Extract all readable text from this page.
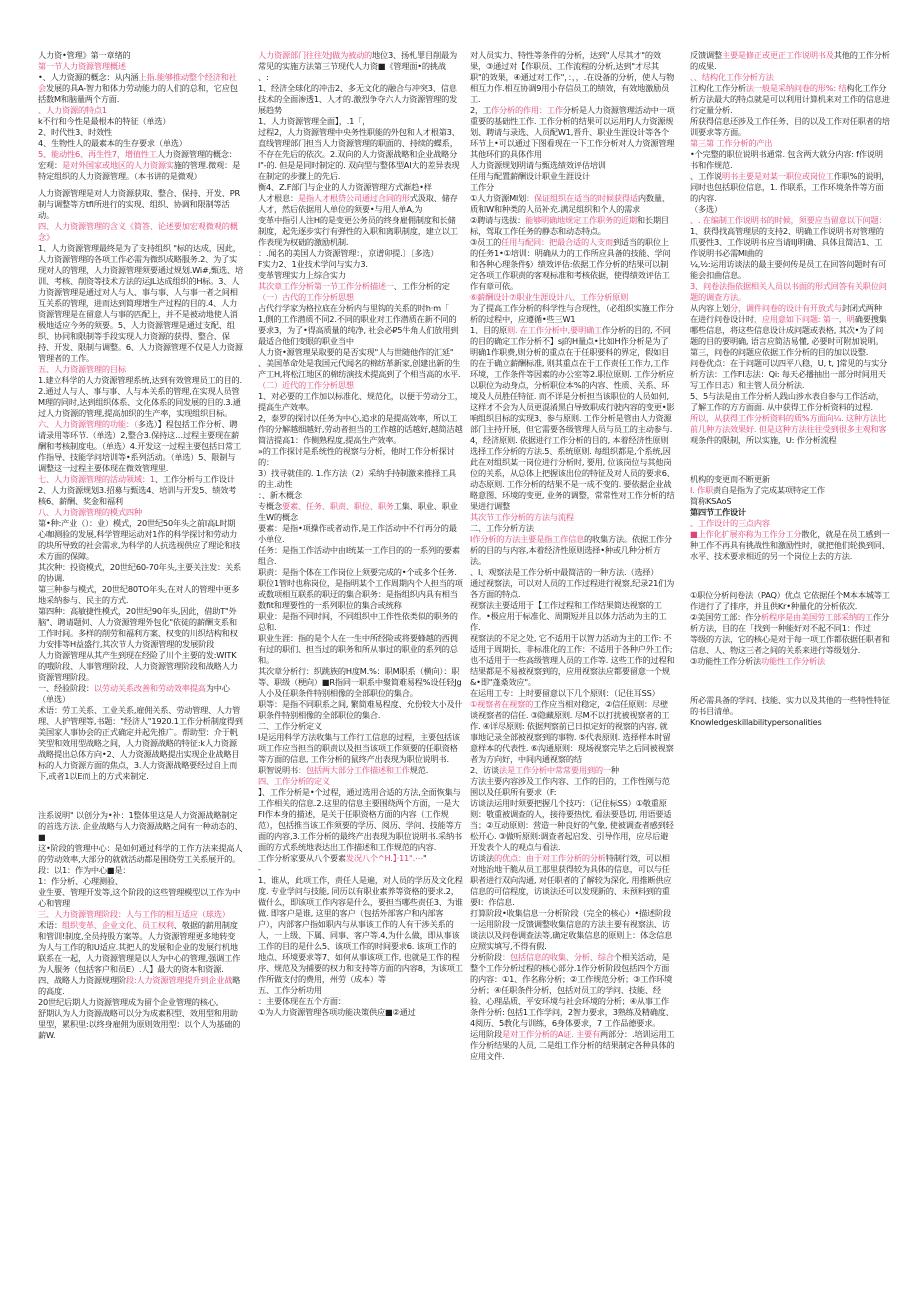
人力资•管理》第一章绪的

第一节人力资源管理概述

•、人力资源的概念：从内涵上指.能够推动整个经济和社会发展的具A-智力和体力劳动能力的人们的总和，它应包括数M和脑量两个方面.

、人力资源的特点1

k不行和今性是最根本的特征（单选）

2、时代性3、时效性

4、生物性人的最素本的生存要求（单选）

5、能动性6、再生性7，增值性工人力资源管理的概念：

宏观：是对外国家或地区的人力资源实施的管理.微观：是特定组织的人力资源管理。（本书讲的是微观）

人力资源管理是对人力资源获取、整合、保持、开发、PR制与调整等方tfl所进行的实现、组织、协调和限制等活动。

四、人力资源管理的含义《简答、论述要加宏观微观的概念》

1、人力资源管理最终是为了支持组织 "标的达成，因此，人力资源管理的各项工作必需为微织成略服务.2、为了实现对人的管理，人力资源管理须要通过规划.Wi#,甄选、培训、考核、削资等技术方法的运JL达成组织的H标。3、人力资源管理是通过对人与人、事与事、人与事一者之间相互关系的管理，进而达到简理增生产过程的目的.4、人力资源管理是在留意人与事的匹配上，并不是被动地使人消极地适应今务的须要。5、人力资源管理是通过支配、组织、协同和限制等手段实现人力资源的获得、整合、保持、开发、限制与调整。6、人力资源管理不仅是人力资源管理者的工作。

五、人力资源管理的目标

1.建立科学的人力资源管理系统,达到有效管理员工的目的.2.通过人与人、事与事、人与本关系的管理,在实现人员管M理的同时,达到组织体系、文化体系的同发展的目的.3.通过人力资源的管理,提高加织的生产率，实现组织目标。

六、人力资源管理的功能：（多选）】程包括工作分析、聘请录用等环节.（单选）2,整合3.保持这…过程主要现在薪酬和考核制度电。（单选）4.开发这一过程主要包括日常工作指导、技能学问培训等•系列活动。（单选）5、限制与调整这一过程主要体现在微效管理里.

七、人力资源管理的活动领域：1、工作分析与工作设计2、人力资源规划3.招募与甄选4、培训与开发5、绩效考核6、薪酬、奖金和福利

八、人力资源管理的模式四种

第•种:产业（）：业）模式，20世纪50年头之前l高L时期心咖测验的发展,科学管理运动对1作的科学探讨和劳动力的块所导致的社会需求,为科学的人抗选视供应了理论和技术方面的保障。

其次种：投资模式，20世纪60-70年头,主要关注发：关系的协调.

第三种参与模式，20世纪80TO年头,在对人的管理中更多地采纳参与、民主的方式.

第四种：高敏捷性模式，20世纪90年头,因此，借助T"外脑"、聘请题何、人力资源管理外包化"依徒的薪酬支系和工作时间。多样的削劳和福利方案、权变的川织结构和权力安排等H益盛行,其次节人力资源管理的发展阶段

人力资源管理从其产生到现在经险了川个主要的发:WITK的哦阶段、人事管理阶段、人力资源管理阶段和战略人力资源管理阶段。

一、经验阶段：以劳动关系改善和劳动效率提高为中心（单选）

术语：劳工关系、工业关系,雇佣关系、劳动管理、人力管理、人护管理等,书题："经济人"1920.1工作分析制度得到美国家人事协会的正式确定并起先推广。帮助型：介于帆笑型和效用型战略之间，人力资源战略的特征:k人力资源战略提出总体方向•2、人力资源战略提出实现企业战略目标的人力资源方面的焦点，3.人力资源战略要经过自上而下,或者1以E而上的方式来制定.

注系说明" 以创分为•补：1整体里这是人力资源战略制定的首选方法. 企业战略与人力资源战略之间有一种动态的、■

这•阶段的管理中心：是如何通过科学的工作方法来提高人的劳动效率,大部分的就就活动都是围绕劳工关系展开的。

段：以1：作为中心■是：

1：作分析、心理测验、

业生要、管理开发等,这个阶段的这些管理模型以工作为中心和管理

三、人力资源管理阶段：人与工作的相互适应（球选）

术语：组织变革、企业文化、员工权利、敬据的薪用制度和管训!制度,全员持股方案等。人力资源管理更多地转变为人与工作的和U适应.其把人的发展和企业的发展行机地联系在一起，人力资源管理是以人为中心的管理,强调工作为人服务（包括客户和员E）.人】最大的资本和资源.

四、战略人力资源规理阶段:人力资源管理提升到企业战略的高度.

20世纪后期人力资源管理成为留个企业管理的核心,

舒期认为人力资源战略可以分为成素积型、效用型和用助里型，累积里:以终身雇佣为原则效用型：以个人为基础的薪W.

人力资源部门往往处J做为被动的地位3、扬札罪目削最为常见的实施方法第三节现代人力资■《管理面•的挑战

、:

1、经济全球化的冲击2、多无文化的融合与冲突3、信息技术的全面渗透1、人才的.激烈争夺六人力资源管理的发展趋势

1、人力资源管理全面】，.1「，

过程2，人力资源管理中央务性职能的外包和人才根第3、直线管理部门担当人力资源管理的职面的、持续的蝶系，不存在先后的依次。2.双向的人力资源战略和企业战略分l"-的. 但是是同时制定的. 双向型与整体型AI大的差异表现在制定的步骤上的先后.

衡4、Z.F部门与企业的人力资源管理方式渐趋•样

人才根息：是指人才根贷公司通过合同的形式汲取、储存人才，然后依据用人单位的须要•与用人单A,为

变革中指引人注H的是变更公务员的终身雇佣制度和长储制度，起先逐步实行有弹性的入职和离职制度，建立以工作表现为权础的激励机制.

：.闻名的美国人力资源管理：，京谱卯提.〕〔多选）

F实力2、1业技术学问与实力3.

变革管理实力上综合实力

其次章工作分析第一节工作分析描述一、工作分析的定

（一）古代的工作分析思想

占代行学家为格拉底在分析内与里钩的关系的时h·m「

1,側的工作潜质不同2.不同的职业对工作潜质在新不同的要求3，为了•得高质量的纯净, 社会必₽5牛角人们放用到最适合他们变眼的职业当中

人力资•源管理呆取要的是否实现"人与世随他作的汇延"

、美国革命处是我国元代闻名的棉纺革新家,创建出新的生产工H,将松江地区的棉纺演技术提高到了个相当高的水平.

（二）近代的工作分析思想

1、对必要的工作加以标准化、规范化，以便于劳动分工，提高生产效率。

2，泰罗的探讨以任务为中心,追求的是提高效率，所以工作的分解越细越好,劳动者担当的工作越的话越好,越简洁越简洁提高1：作侧熟程度,提高生产效率。

»的工作探讨是系统性的视察与分析，他时工作分析探讨的：

3）找寻就佳的. 1.作方法（2）采纳手持制激来推择工具的主.动性

：、新木概念

专概念要素、任务、职责、职位、职务工集、职业、职业生W的概念

要素：是指•项操作或者动作,是工作活动中不行再分的最小单位.

任务：是指工作活动中由I统某一工作目的的一系列的要素组合.

职责：是指个体在工作岗位上须要完成的•个或多个任务.

职位1管时也称岗位，是指明某个工作周期内个人担当的项或数项相互联系的职迂的集合职务：是指组织内具有相当数fit和理要性的一系列职位的集合或统称

职业：是指不同时间，不同组织中工作性依类似的职务的总和.

职业生涯：指的是个人在一生中所经险或将要蜂越的西拥有过的职们、担当过的职务和所从事过的职业的系列的总和。

其次章分析行：织跳族的H度M.%：职M职系（横向）：职等、职级（梗向）■R指同一职系中聚简难易程%设任轻Jg人小及任职条件特别相像的全部职位的集合。

职等：是指不同职系之间, 繁简难易程度、允份较大小及什职条件特别相像的全部职位的集合.

二、工作分析定义

I是运用科学方法收集与工作行工信息的过程，主要包括该项工作应当担当的职责以及担当该项工作须要的任职资格等方面的信息, 工作分析的鼠终产出表现为职位说明书.

职智说明书：包括两大部分工作描述和工作规范.

四、工作分析的定义

】、工作分析是•个过程，通过选用合适的方法,全面恢集与工作相关的信息.2.这里的信息主要围绕两个方面，一是大FI作本身的描述，是关于任职资格方面的内容（工作规范），包括推当该工作须要的学历、阅历、学问、技能等方面的内容,3.工作分析的最终产出表现为职位说明书.采纳书面的方式系统地表达出工作描述和工作规范的内容.

工作分析家要从八个要素发况八个^H.】·11".⋯"

-

1、谁从，此项工作，责任人是遍，对人员的学历及文化程度. 专业学问与技能, 同历以有职业素养等资格的要求.2，做什么，即该项工作内容是什么，要担当哪些责任3、为谁做. 即客户是谁, 这里的客户（包括外部客户和内部客户），内部客户指如职内与从事该工作的人有干涉关系的人，一上级、下属、同事、客户等.4,为什么做，即从事该工作的目的是什么5、该项工作的时间要求6. 该项工作的地点、环境要求等7、如何从事该项工作, 也就是工作的程序、规范及为捕要的权力和支持等方面的内容8，为该项工作所做支付的费用，州劳（成本）等

五、工作分析功用

：主要体现在五个方面：

①为人力资源管理各项功能决策供应■②通过

对人员实力、特性等条件的分析，达到"人尽其才"的效果，③通过对【作职员、工作流程的分析,达到"才尽其职"的效果，④通过对工作"，：，，.在设备的分析，使人与物相互力作.相互协调9用小存信员工的绩效，有效地激励员工.

2，工作分析的作用：工作分析是人力资源管理活动中一项重要的基础性工作. 工作分析的结果可以运用FJ人力资源规划、聘请与录选、人员配W1,晋升、职业生涯设计等各个环节上•可以通过下图看现在一下工作分析对人力资源管理其他环们的具体作用

人力资源规划明请与甄选绩效评估培训

任用与配置薪酬设计职业生涯设计

工作分

①人力资源Ml划：保证组织在适当的时候获得适内数量、质和W和种类的人员补充.满足组织和个人的需求

②聘请与选拔：能够明确地规定工作职务的近期和长期目标，驾取工作任务的静态和动态特点。

③员工的任用与配同：把最合适的人支而到适当的职位上的任务1•①培训：明确从力的工作所应具备的技能、学问和各种心理条件§）绩效评估:依据工作分析的结果可以制定各项工作职责的客观标准和考核依据，使得绩效评估工作有章可依。

⑥薪酬设计⑦职业生涯设计八、工作分析原则

为了提高工作分析的科学性与合现性，（必组织实施工作分析的过程中，应遵循•些三W1

1、目的原则. 在工作分析中,要明确工作分析的目的, 不同的目的确定工作分析不】sj的H量点•比如H作分析是为了明确1作职费,则分析的重点在于任职要科的界定，假如目的在于确立薪酬标准, 则其重点在于工作责任工作力,工作环境，工作条件等因素的办公室等2.职位原则. 工作分析应以职位为动身点，分析职位本%的内容、性质、关系、环境及人员胜任特征. 而不详是分析担当该职位的人员如何,这样才不会为人员更混淆黑白导致职成行驶内容的变更•影响组织目标的实现3、参与原则. 工作分析是管由人力资源部门主持开展，但它需要各级管理人员与员工的主动参与.4，经济原则. 依据进行工作分析的目的, 本着经济性原则选择工作分析的方法.5、系统原则. 每组织都是,个系统,因此在对组织某一岗位进行分析时, 要用, 位该岗位与其他岗位的关系，从总体上把握该出位的特征及对人员的要求6、动态原则. 工作分析的结果不是一成不变的. 要依据企业战略意图、环境的变更, 业务的调整，常常性对工作分析的结果进行调整

其次节工作分析的方法与流程

二、工作分析方法

I作分析的方法主要是指工作信息的收集方法。依据工作分析的目的与内容,本着经济性原则选择•种或几种分析方法。

、I、观察法是工作分析中最简洁的一种方法.（选择）

通过视察法，可以对人员的工作过程进行视察,纪录21们为各方面的特点.

视察法主要适用于【工作过程和工作结果简达视察的工作。•极应用于标准化、周期短并且以体力活动为主的工作.

视察法的不足之处, 它不适用于以智力活动为主的工作: 不适用于周期长、非标准化的工作：不适用于各种户外工作; 也不适用于一些高级管理人员的工作等. 这些工作的过程和结果都是不易被视察到的，应用视察法应都要留意一个规&•即"蓬桑效应"。

在运用工专：上时要留意以下几个原则：（记住耳SS）

①视察者在视察的工作应当相对稳定，②信任原则：尽壁谈视察者的信任. ③隐藏原则. 尽M不以打扰被视察者的工作. ④详尽原则: 依据判察前已日拟定好的视察的内容, 就事地记录全部被视察到的事物. ⑤代表原则. 选择样本时留意样本的代表性. ⑥沟通原则：现场视察完毕之后同被视察者为方向好，中间内通视察的结

2、访谈法是工作分析中常常要用到的一种

方法主要内容涉及工作内容、工作的目的，工作性刚与范围以及任职所有要求（F:

访谈法运用时须要把握几个技巧：（记住标SS）①敬重原则：敬重被调查的人，接待要热忱, 看法要恳切, 用语要适当；②互动原则：营造一种良好的气象, 使被调查者感到轻松开心. ③做听原则:调查者起启发、引导作用，应尽后避开发表个人的观点与看法.

访谈法的优点：由于对工作分析的分析特制行效，可以相对地治地干脆从员工那里获得较为具体的信息，可以与任职者进行双向沟通, 对任职者的了解较为深化, 用推断供应信息的可信程度，访谈法还可以发现新的、未预料到的重要I：作信息.

打算阶段•收集信息一分析阶段（完全的核心）•描述阶段一运用阶段一反馈调整收集信息的方法主要有视察法、访谈法以及问卷调查法等,确定收集信息的原则上：体念信息应照实填写,不得有假.

分析阶段：包括信息的收集、分析、综合个相关活动，是整个工作分析过程的核心部分.1作分析阶段包括四个方面的内容：①1、作名称分析；②工作规范分析；③工作环境分析；④任职条件分析，包括对员工的学问、技能、经验、心理品质、平安环境与社会环境的分析；④从事工作条件分析: 包括1工作学问，2智力要求，3熟练及精确度、4阅历、5教化与训练，6身体要求，7 工作品德要求。

运用阶段是对工作分析的A证. 主要有两部分：.培训运用工作分析结果的人员, 二是组工作分析的结果制定各种具体的应用文件.

反馈调整主要是修正或更正工作说明书及其他的工作分析的成果.

、、结构化工作分析方法

江构化工作分析法一般是采纳问卷的形%: 结构化工作分析方法最大的特点就是可以利用计算机来对工作的信息进行定量分析.

所获得信息还涉及工作任务、目的以及工作对任职者的培训要求等方面。

第三第 工作分析的产出

•个完整的职位说明书通常. 包含两大就分内容: f作说明书和作规范.

、工作说明书主要是对某一职位或岗位工作职%的说明，同时也包括职位信息，1. 作联系，工作环境条件等方面的内容.

（多选）

、. 在编制工作说明书的时候，须要应当留意以下问题：

1、获得找高管理层的支持2、明确工作说明书对管理的爪要性3、工作说明书应当请IlJ明确、具体且简洁1、工作说明书必需Ml曲的

¼,½:运用访谈法的最主要何传是员工在回答问题时有可能会扣曲信息。

3、问卷法指依据相关人员以书面的形式回答有关职位问题的调查方法。

从内容上划分，调件问卷的设计有开放式与封闭式两种

在进行问卷设计时，应用意如下问题: 第一，明确要搜集哪些信息，将这些信息设计成问题或表格, 其次•为了问题的目的要明确, 语言应简洁易懂, 必要时可附加说明。第三，问卷的问题应依据工作分析的目的加以设整.

问卷优点：在于问题可以四平八稳，U, t, ]常见的与实分析方法：工作FI志法：Qi: 每天必播抽出一部分时间用天写工作日志）和主管人员分析法.

5、5与法是由工作分析人践山涉水表自参与工作活动，了解工作的方方面面. 从中获得工作分析资料的过程.

所以，从获得工作分析资料的质%方面向¼. 这种方法比前几种方法效果好. 但是这种方法往往受到很多主观和客观条件的限制，所以实施，U: 作分析流程

机构的变更而不断更新

I. 作职责自是指为了完成某项特定工作

简称KSAoS

第四节工作设计

、工作设计的三点内容

■上作化扩展亦称为工作分工分散化，就是在员工感到一种工作不再具有挑战性和激励性时，就把他们轮换到同、水平、技术要求相近的另一个岗位上去的方法.

①职位分析问卷法（PAQ）优点 它依据任个M本本城等工作进行了了排序，并且供Kr•种量化的分析依次.

②美国劳工部：作分析程序是由美国劳工部采纳的工作分析方法，目的在「找到一种能好对不起不同1：作过

等级的方法，它的核心是对于每一项工作都依据任职者和信息、人、物这三者之间的关系来进行等级划分.

③功能性工作分析法功能性工作分析法

所必需具备的学问、技能、实力以及其他的一些特性特征的书目清单。

Knowledgeskillabilitypersonalities
